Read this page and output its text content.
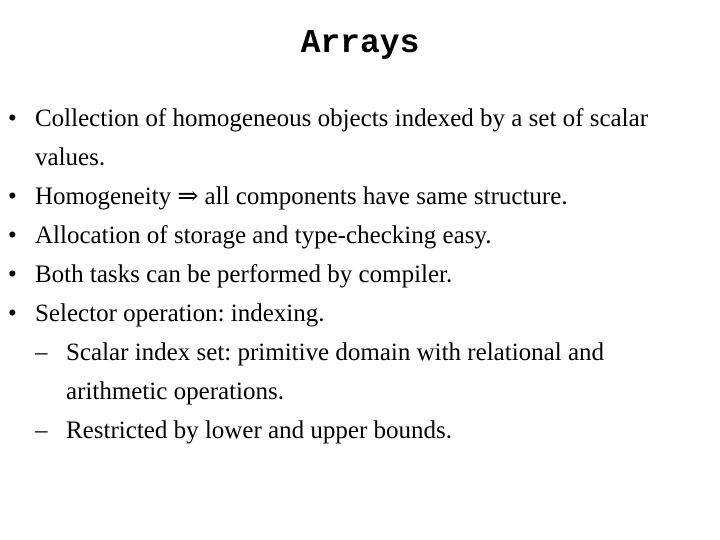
Arrays
• Collection of homogeneous objects indexed by a set of scalar values.
• Homogeneity ⇒ all components have same structure.
• Allocation of storage and type-checking easy.
• Both tasks can be performed by compiler.
• Selector operation: indexing.
– Scalar index set: primitive domain with relational and arithmetic operations.
– Restricted by lower and upper bounds.
